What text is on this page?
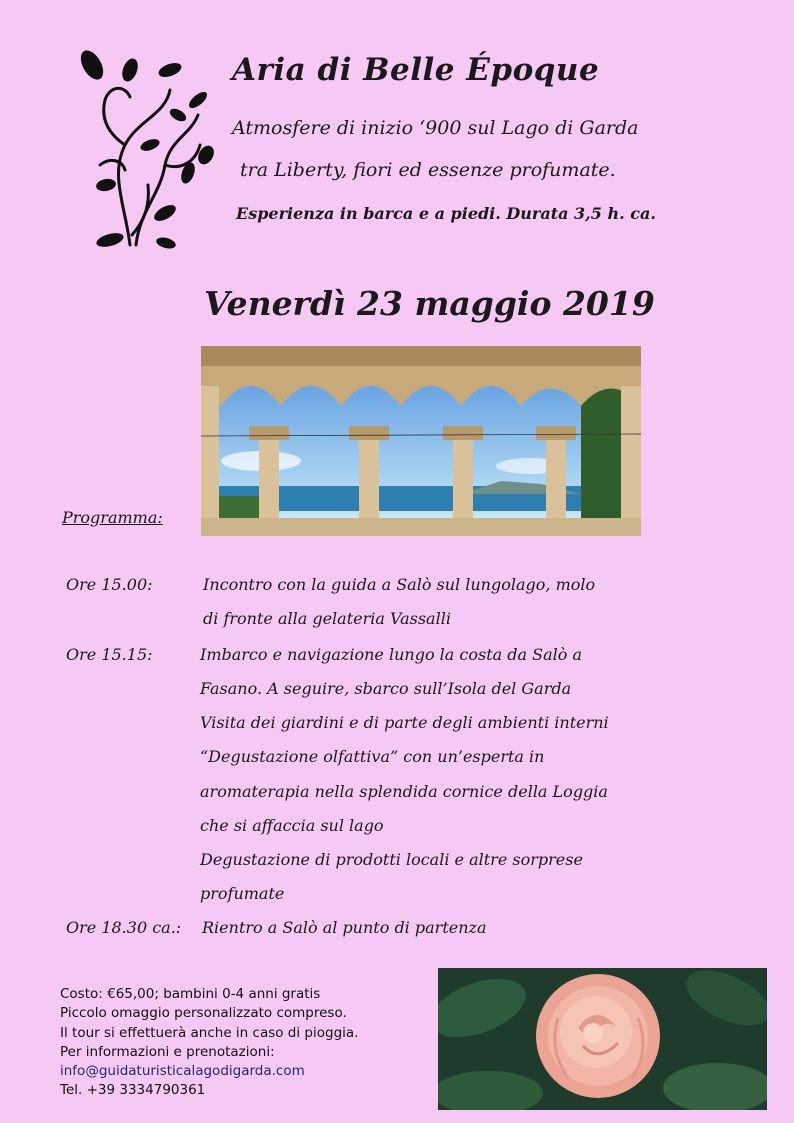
Aria di Belle Époque
Atmosfere di inizio ‘900 sul Lago di Garda
tra Liberty, fiori ed essenze profumate.
Esperienza in barca e a piedi. Durata 3,5 h. ca.
Venerdì 23 maggio 2019
Programma:
Ore 15.00:	Incontro con la guida a Salò sul lungolago, molo
di fronte alla gelateria Vassalli
Ore 15.15:	Imbarco e navigazione lungo la costa da Salò a
Fasano. A seguire, sbarco sull’Isola del Garda
Visita dei giardini e di parte degli ambienti interni
“Degustazione olfattiva” con un’esperta in
aromaterapia nella splendida cornice della Loggia
che si affaccia sul lago
Degustazione di prodotti locali e altre sorprese
profumate
Ore 18.30 ca.: Rientro a Salò al punto di partenza
Costo: €65,00; bambini 0-4 anni gratis
Piccolo omaggio personalizzato compreso.
Il tour si effettuerà anche in caso di pioggia.
Per informazioni e prenotazioni:
info@guidaturisticalagodigarda.com
Tel. +39 3334790361
